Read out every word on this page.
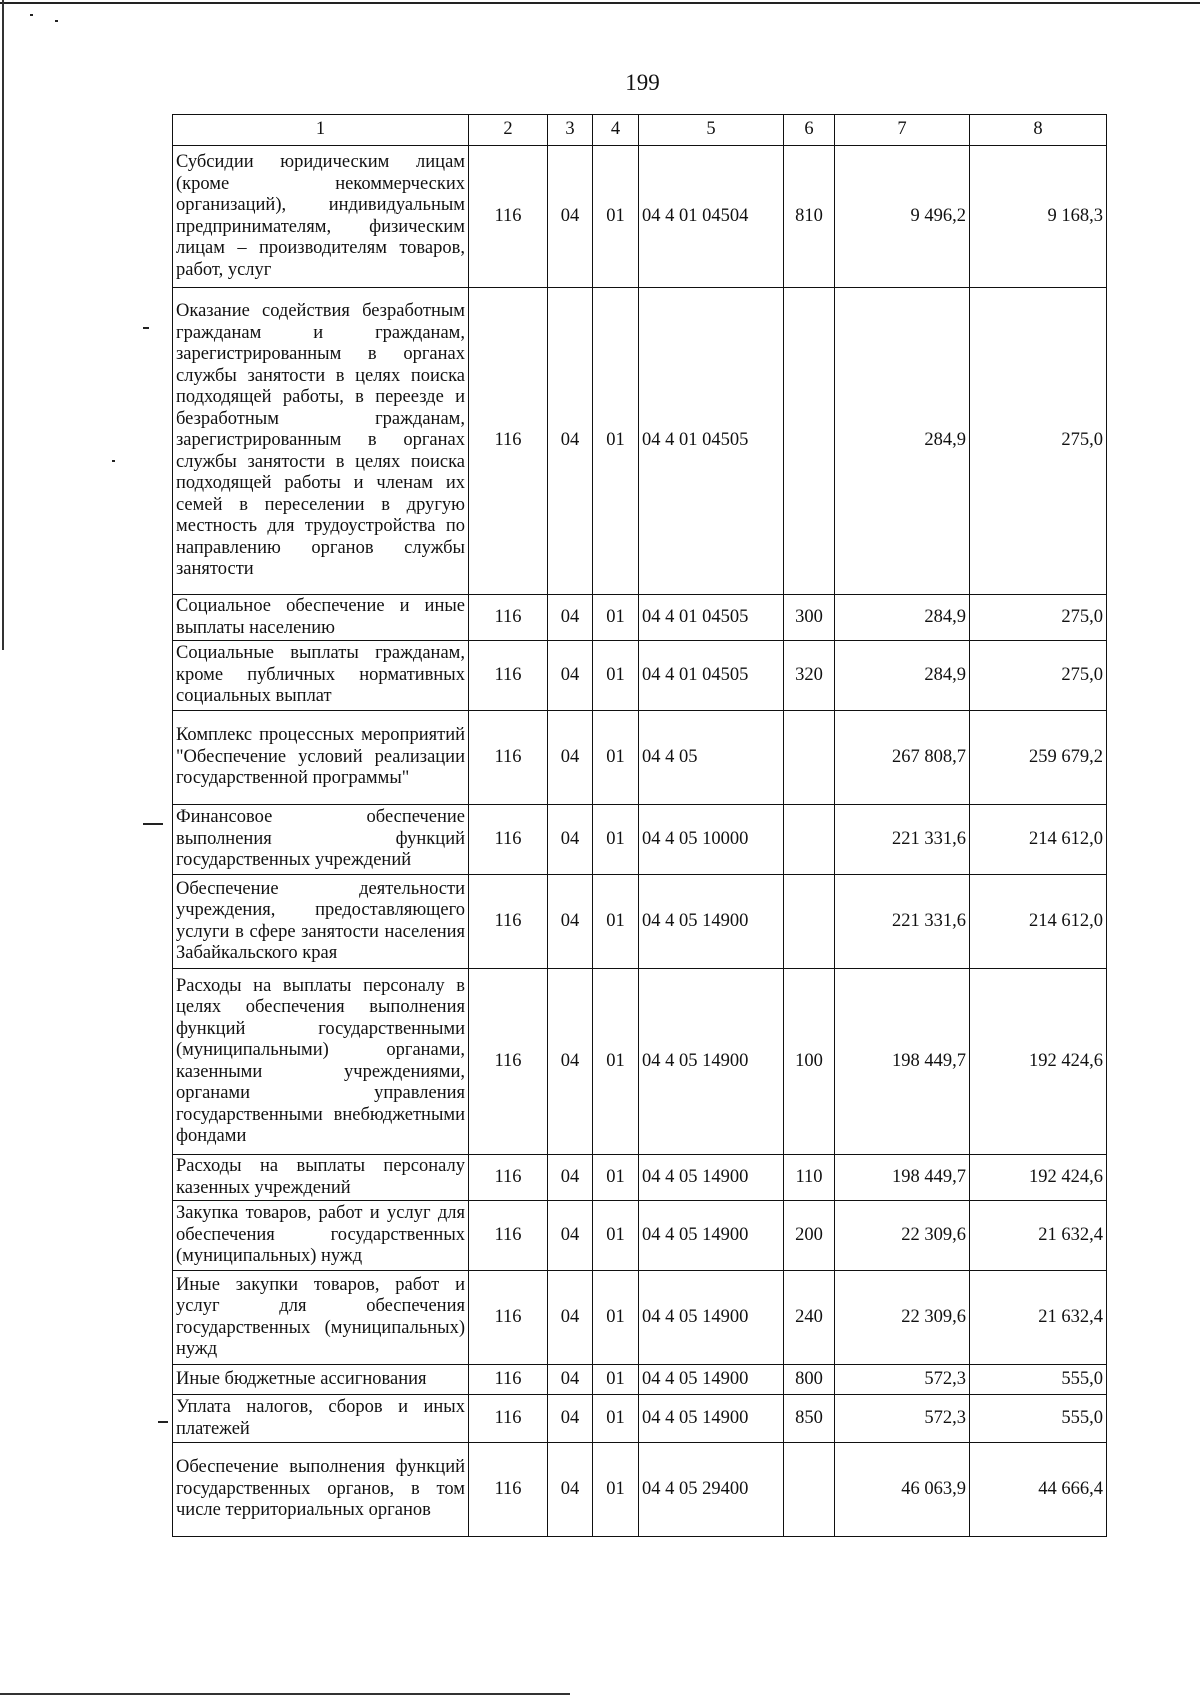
199
1	2	3	4	5	6	7	8
Субсидии юридическим лицам (кроме некоммерческих организаций), индивидуальным предпринимателям, физическим лицам – производителям товаров, работ, услуг	116	04	01	04 4 01 04504	810	9 496,2	9 168,3
Оказание содействия безработным гражданам и гражданам, зарегистрированным в органах службы занятости в целях поиска подходящей работы, в переезде и безработным гражданам, зарегистрированным в органах службы занятости в целях поиска подходящей работы и членам их семей в переселении в другую местность для трудоустройства по направлению органов службы занятости	116	04	01	04 4 01 04505		284,9	275,0
Социальное обеспечение и иные выплаты населению	116	04	01	04 4 01 04505	300	284,9	275,0
Социальные выплаты гражданам, кроме публичных нормативных социальных выплат	116	04	01	04 4 01 04505	320	284,9	275,0
Комплекс процессных мероприятий "Обеспечение условий реализации государственной программы"	116	04	01	04 4 05		267 808,7	259 679,2
Финансовое обеспечение выполнения функций государственных учреждений	116	04	01	04 4 05 10000		221 331,6	214 612,0
Обеспечение деятельности учреждения, предоставляющего услуги в сфере занятости населения Забайкальского края	116	04	01	04 4 05 14900		221 331,6	214 612,0
Расходы на выплаты персоналу в целях обеспечения выполнения функций государственными (муниципальными) органами, казенными учреждениями, органами управления государственными внебюджетными фондами	116	04	01	04 4 05 14900	100	198 449,7	192 424,6
Расходы на выплаты персоналу казенных учреждений	116	04	01	04 4 05 14900	110	198 449,7	192 424,6
Закупка товаров, работ и услуг для обеспечения государственных (муниципальных) нужд	116	04	01	04 4 05 14900	200	22 309,6	21 632,4
Иные закупки товаров, работ и услуг для обеспечения государственных (муниципальных) нужд	116	04	01	04 4 05 14900	240	22 309,6	21 632,4
Иные бюджетные ассигнования	116	04	01	04 4 05 14900	800	572,3	555,0
Уплата налогов, сборов и иных платежей	116	04	01	04 4 05 14900	850	572,3	555,0
Обеспечение выполнения функций государственных органов, в том числе территориальных органов	116	04	01	04 4 05 29400		46 063,9	44 666,4
